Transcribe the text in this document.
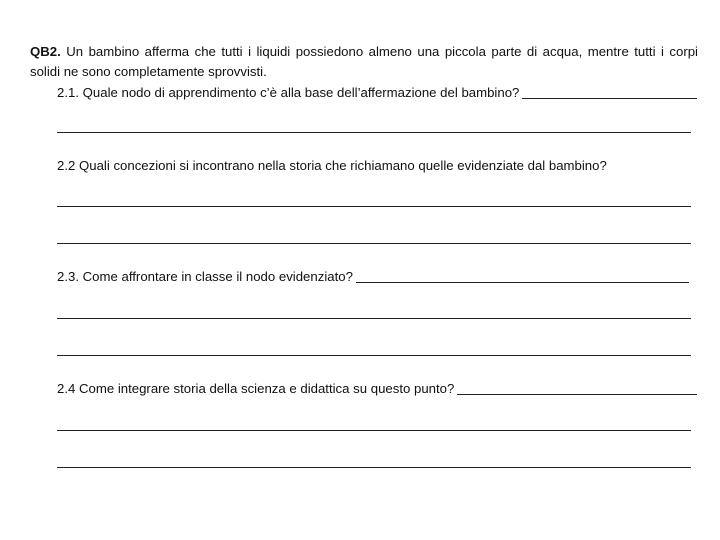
QB2. Un bambino afferma che tutti i liquidi possiedono almeno una piccola parte di acqua, mentre tutti i corpi solidi ne sono completamente sprovvisti.
2.1. Quale nodo di apprendimento c’è alla base dell’affermazione del bambino?
2.2 Quali concezioni si incontrano nella storia che richiamano quelle evidenziate dal bambino?
2.3. Come affrontare in classe il nodo evidenziato?
2.4 Come integrare storia della scienza e didattica su questo punto?
